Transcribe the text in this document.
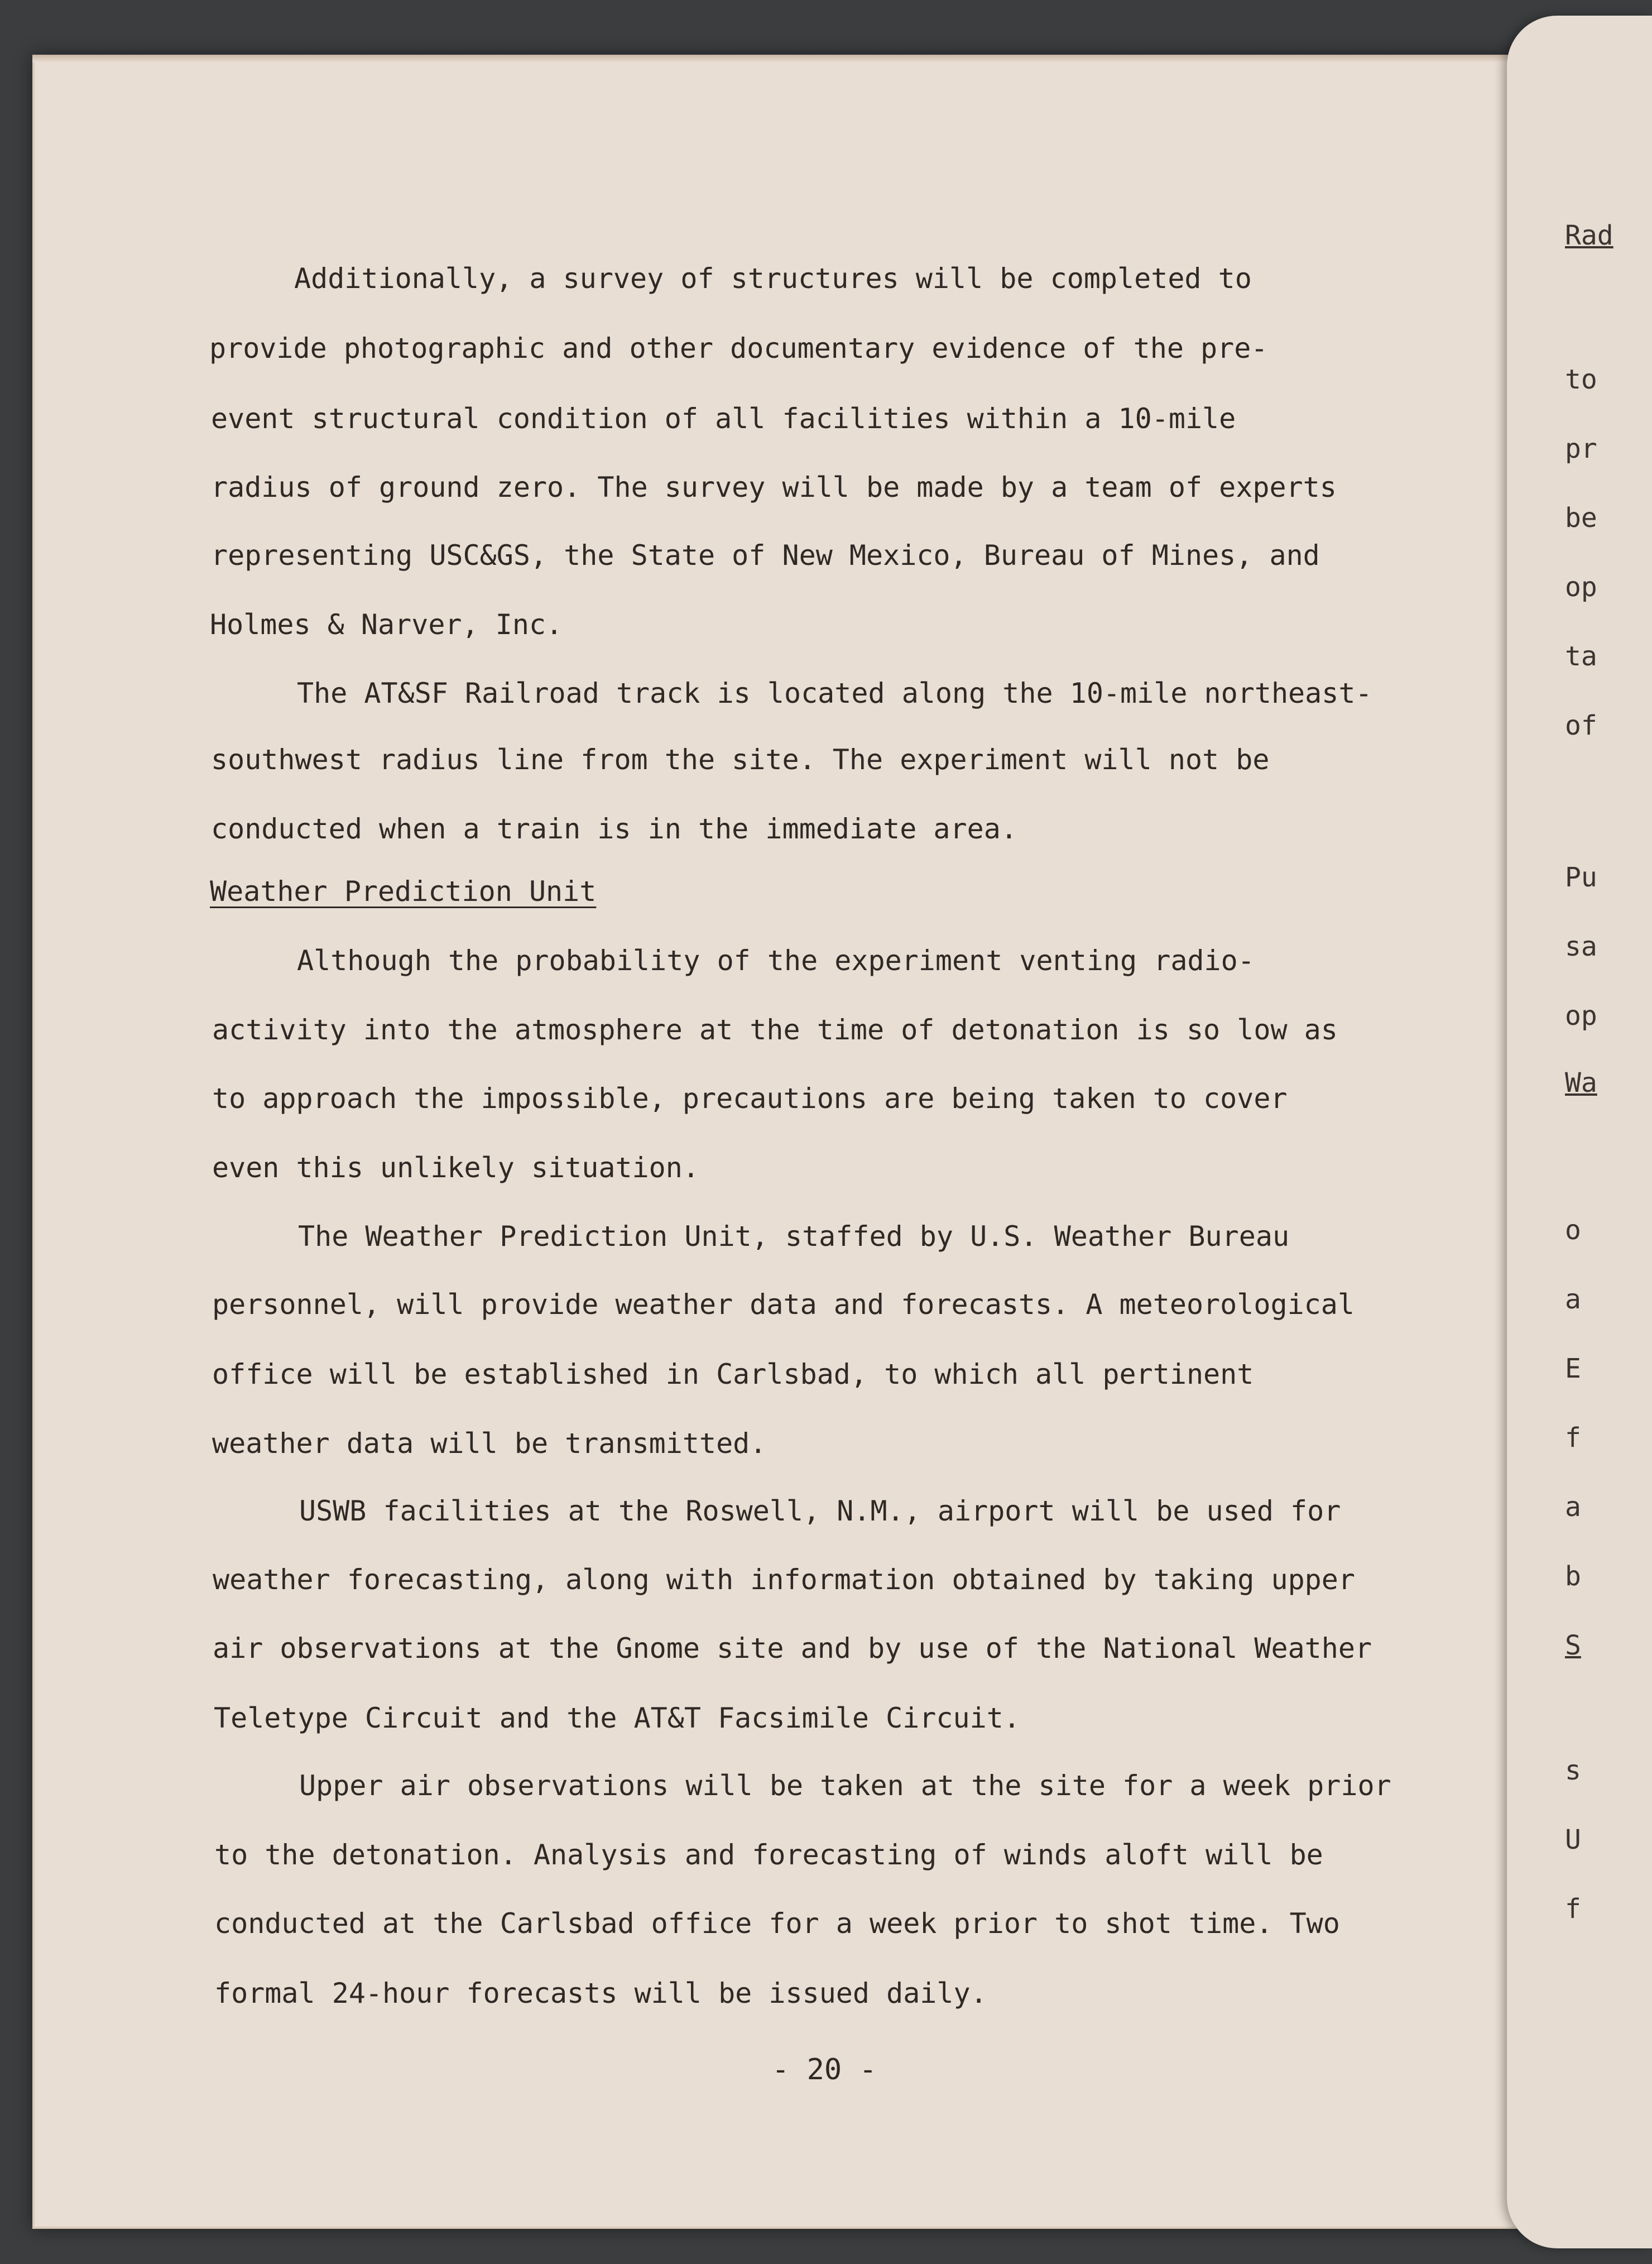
Additionally, a survey of structures will be completed to
provide photographic and other documentary evidence of the pre-
event structural condition of all facilities within a 10-mile
radius of ground zero. The survey will be made by a team of experts
representing USC&GS, the State of New Mexico, Bureau of Mines, and
Holmes & Narver, Inc.
The AT&SF Railroad track is located along the 10-mile northeast-
southwest radius line from the site. The experiment will not be
conducted when a train is in the immediate area.
Weather Prediction Unit
Although the probability of the experiment venting radio-
activity into the atmosphere at the time of detonation is so low as
to approach the impossible, precautions are being taken to cover
even this unlikely situation.
The Weather Prediction Unit, staffed by U.S. Weather Bureau
personnel, will provide weather data and forecasts. A meteorological
office will be established in Carlsbad, to which all pertinent
weather data will be transmitted.
USWB facilities at the Roswell, N.M., airport will be used for
weather forecasting, along with information obtained by taking upper
air observations at the Gnome site and by use of the National Weather
Teletype Circuit and the AT&T Facsimile Circuit.
Upper air observations will be taken at the site for a week prior
to the detonation. Analysis and forecasting of winds aloft will be
conducted at the Carlsbad office for a week prior to shot time. Two
formal 24-hour forecasts will be issued daily.
- 20 -
Rad
to
pr
be
op
ta
of
Pu
sa
op
Wa
o
a
E
f
a
b
S
s
U
f
